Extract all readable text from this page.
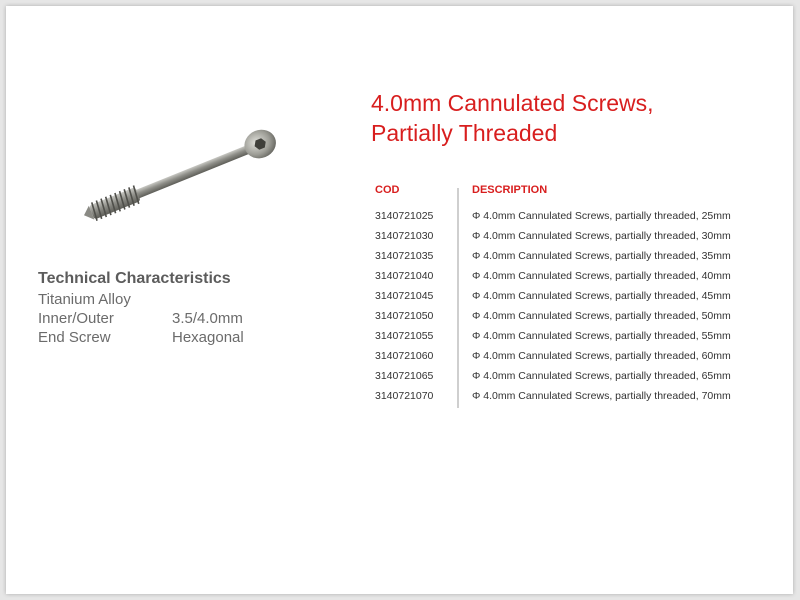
4.0mm Cannulated Screws,
Partially Threaded
Technical Characteristics
Titanium Alloy
Inner/Outer	3.5/4.0mm
End Screw	Hexagonal
COD	DESCRIPTION
3140721025	Φ 4.0mm Cannulated Screws, partially threaded, 25mm
3140721030	Φ 4.0mm Cannulated Screws, partially threaded, 30mm
3140721035	Φ 4.0mm Cannulated Screws, partially threaded, 35mm
3140721040	Φ 4.0mm Cannulated Screws, partially threaded, 40mm
3140721045	Φ 4.0mm Cannulated Screws, partially threaded, 45mm
3140721050	Φ 4.0mm Cannulated Screws, partially threaded, 50mm
3140721055	Φ 4.0mm Cannulated Screws, partially threaded, 55mm
3140721060	Φ 4.0mm Cannulated Screws, partially threaded, 60mm
3140721065	Φ 4.0mm Cannulated Screws, partially threaded, 65mm
3140721070	Φ 4.0mm Cannulated Screws, partially threaded, 70mm
